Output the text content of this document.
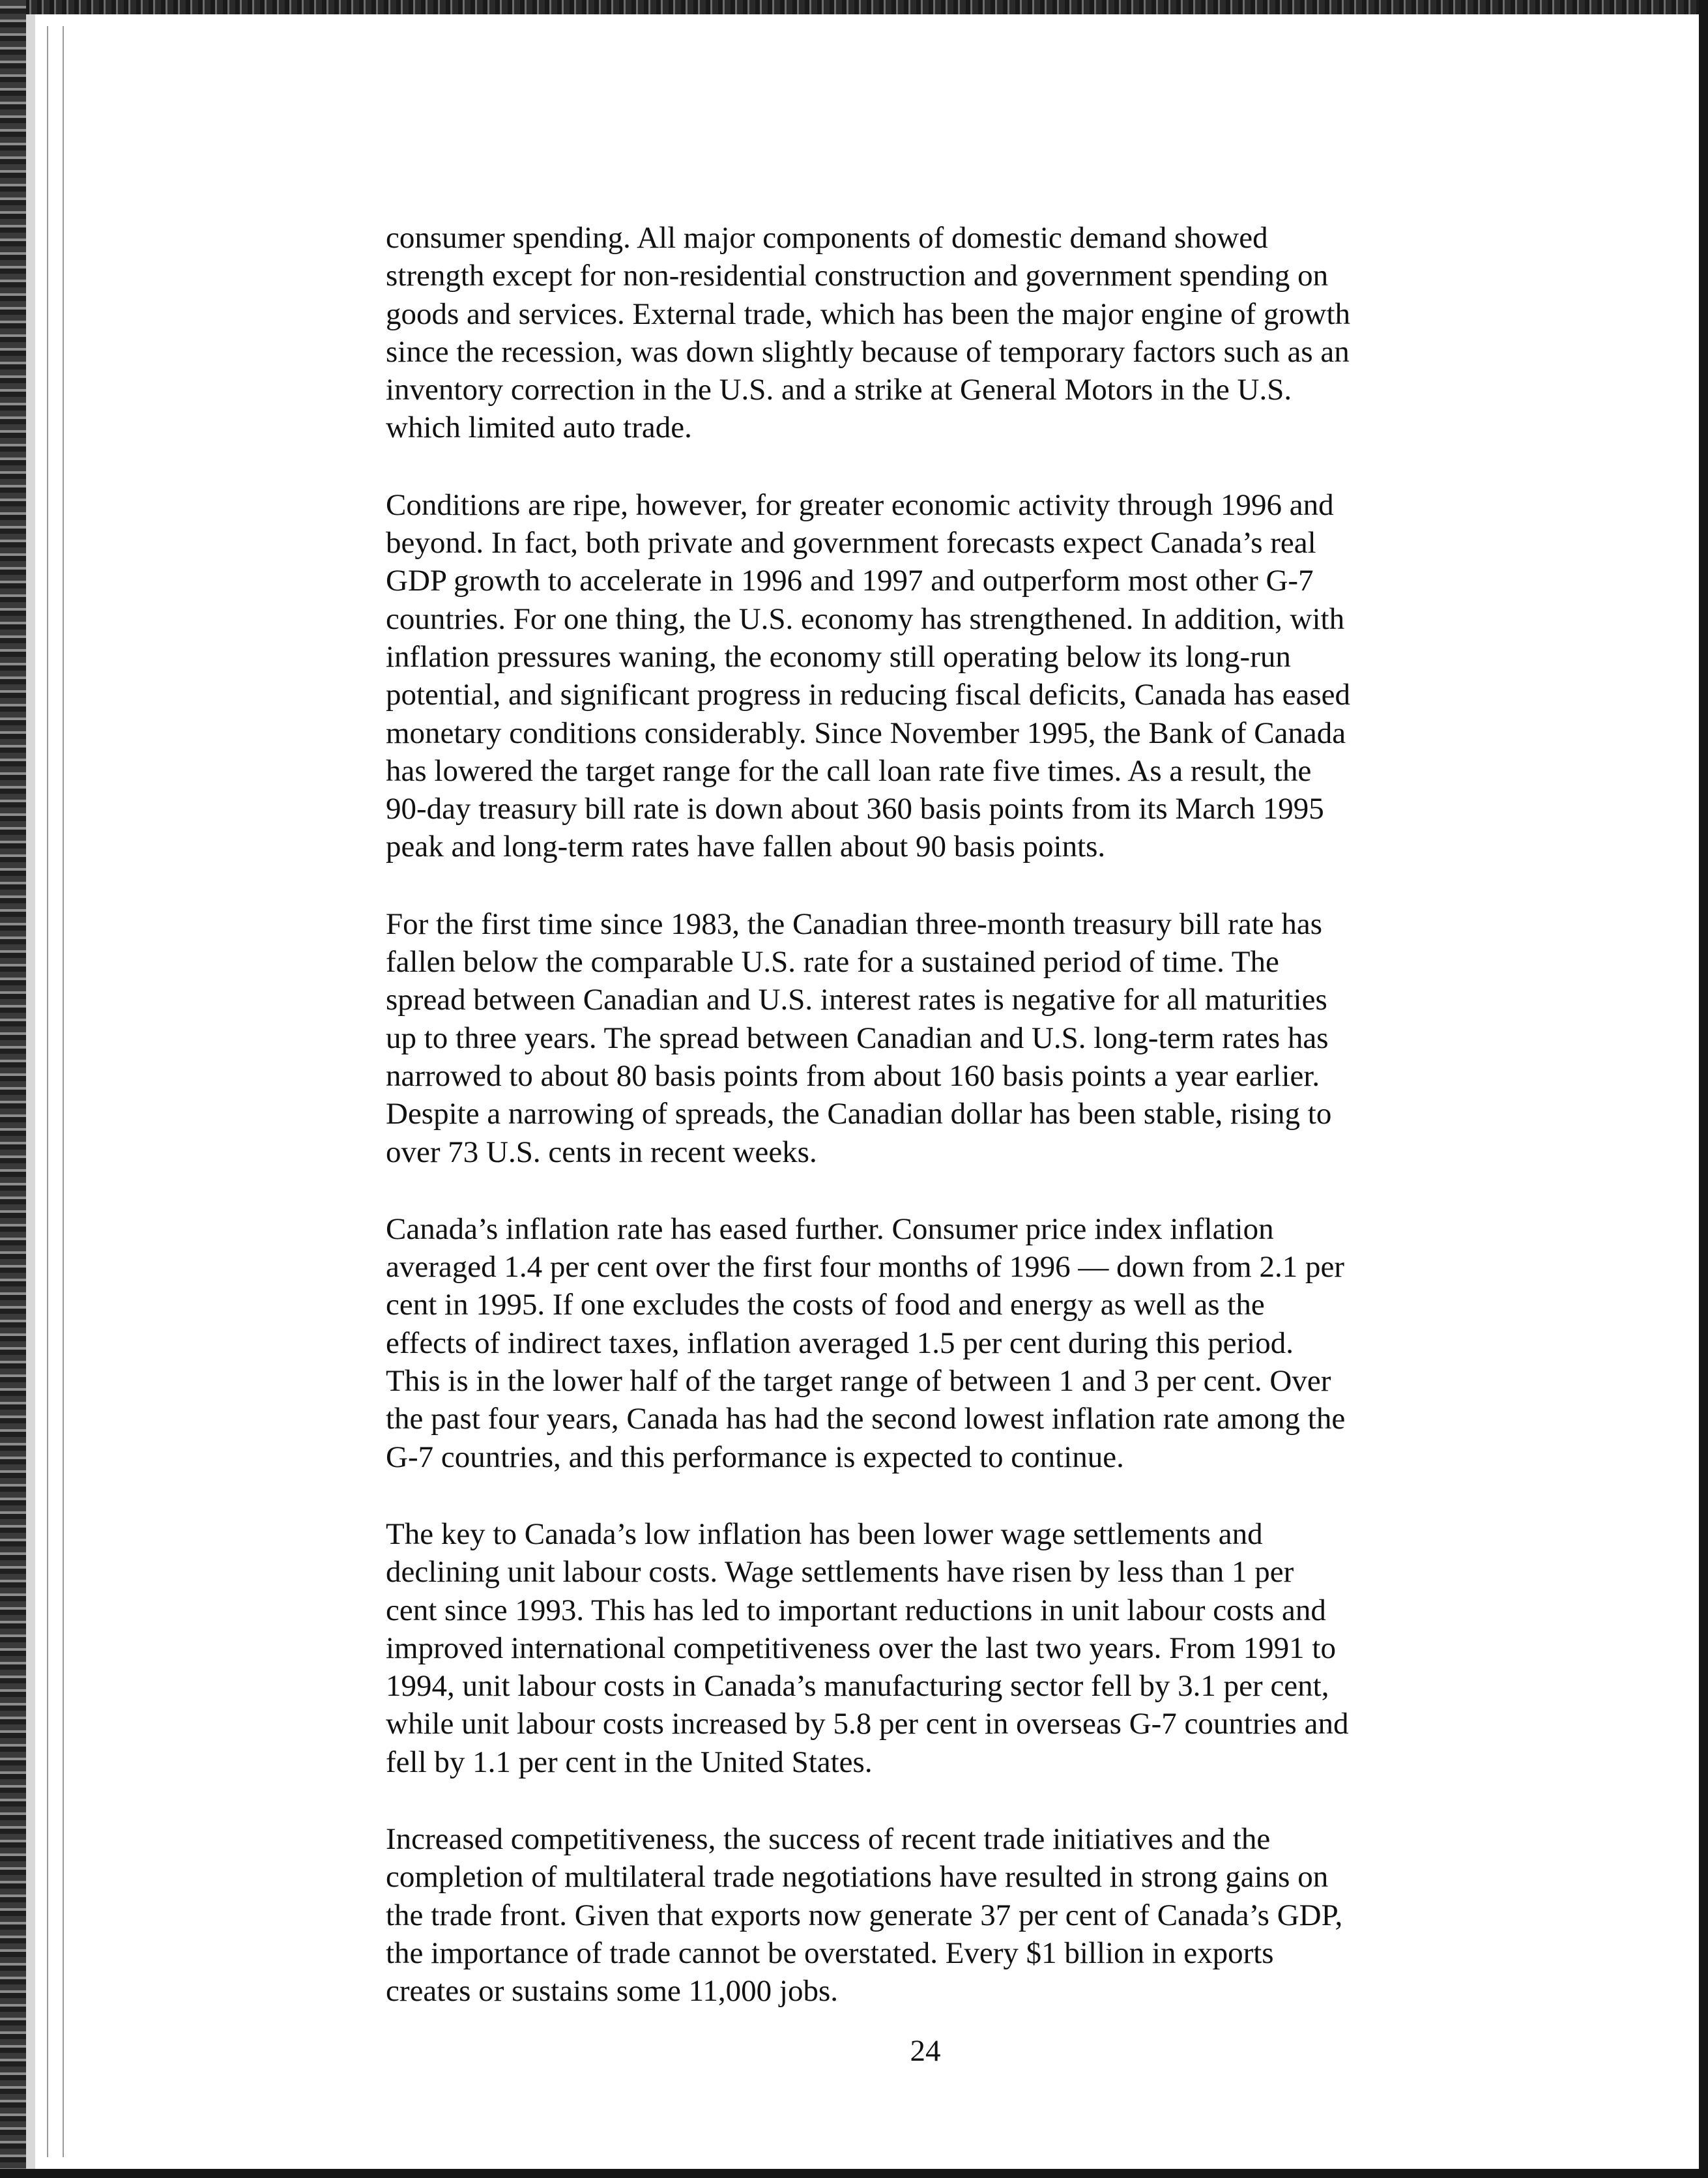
consumer spending. All major components of domestic demand showed
strength except for non-residential construction and government spending on
goods and services. External trade, which has been the major engine of growth
since the recession, was down slightly because of temporary factors such as an
inventory correction in the U.S. and a strike at General Motors in the U.S.
which limited auto trade.

Conditions are ripe, however, for greater economic activity through 1996 and
beyond. In fact, both private and government forecasts expect Canada’s real
GDP growth to accelerate in 1996 and 1997 and outperform most other G-7
countries. For one thing, the U.S. economy has strengthened. In addition, with
inflation pressures waning, the economy still operating below its long-run
potential, and significant progress in reducing fiscal deficits, Canada has eased
monetary conditions considerably. Since November 1995, the Bank of Canada
has lowered the target range for the call loan rate five times. As a result, the
90-day treasury bill rate is down about 360 basis points from its March 1995
peak and long-term rates have fallen about 90 basis points.

For the first time since 1983, the Canadian three-month treasury bill rate has
fallen below the comparable U.S. rate for a sustained period of time. The
spread between Canadian and U.S. interest rates is negative for all maturities
up to three years. The spread between Canadian and U.S. long-term rates has
narrowed to about 80 basis points from about 160 basis points a year earlier.
Despite a narrowing of spreads, the Canadian dollar has been stable, rising to
over 73 U.S. cents in recent weeks.

Canada’s inflation rate has eased further. Consumer price index inflation
averaged 1.4 per cent over the first four months of 1996 — down from 2.1 per
cent in 1995. If one excludes the costs of food and energy as well as the
effects of indirect taxes, inflation averaged 1.5 per cent during this period.
This is in the lower half of the target range of between 1 and 3 per cent. Over
the past four years, Canada has had the second lowest inflation rate among the
G-7 countries, and this performance is expected to continue.

The key to Canada’s low inflation has been lower wage settlements and
declining unit labour costs. Wage settlements have risen by less than 1 per
cent since 1993. This has led to important reductions in unit labour costs and
improved international competitiveness over the last two years. From 1991 to
1994, unit labour costs in Canada’s manufacturing sector fell by 3.1 per cent,
while unit labour costs increased by 5.8 per cent in overseas G-7 countries and
fell by 1.1 per cent in the United States.

Increased competitiveness, the success of recent trade initiatives and the
completion of multilateral trade negotiations have resulted in strong gains on
the trade front. Given that exports now generate 37 per cent of Canada’s GDP,
the importance of trade cannot be overstated. Every $1 billion in exports
creates or sustains some 11,000 jobs.

24
